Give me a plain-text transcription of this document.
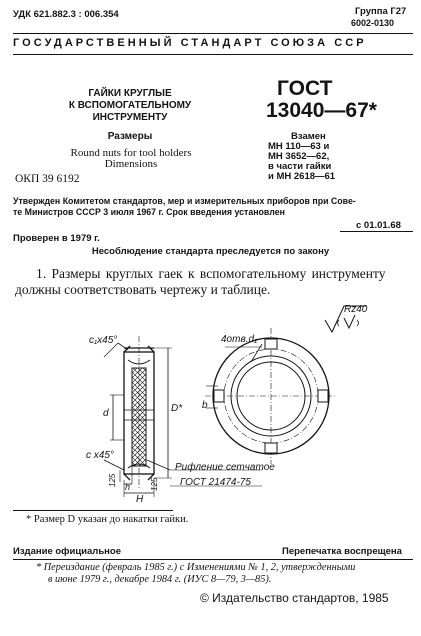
УДК 621.882.3 : 006.354	Группа Г27
6002-0130
ГОСУДАРСТВЕННЫЙ СТАНДАРТ СОЮЗА ССР
ГАЙКИ КРУГЛЫЕ
К ВСПОМОГАТЕЛЬНОМУ
ИНСТРУМЕНТУ
Размеры
Round nuts for tool holders
Dimensions
ОКП 39 6192
ГОСТ
13040—67*
Взамен
МН 110—63 и
МН 3652—62,
в части гайки
и МН 2618—61
Утвержден Комитетом стандартов, мер и измерительных приборов при Сове-
те Министров СССР 3 июля 1967 г. Срок введения установлен
с 01.01.68
Проверен в 1979 г.
Несоблюдение стандарта преследуется по закону
1. Размеры круглых гаек к вспомогательному инструменту
должны соответствовать чертежу и таблице.
Rz40
c₁x45°
c x45°
4отв.d₁
D*
d
H
h
b
125	125
Рифление сетчатое
ГОСТ 21474-75
* Размер D указан до накатки гайки.
Издание официальное	Перепечатка воспрещена
* Переиздание (февраль 1985 г.) с Изменениями № 1, 2, утвержденными
в июне 1979 г., декабре 1984 г. (ИУС 8—79, 3—85).
© Издательство стандартов, 1985
